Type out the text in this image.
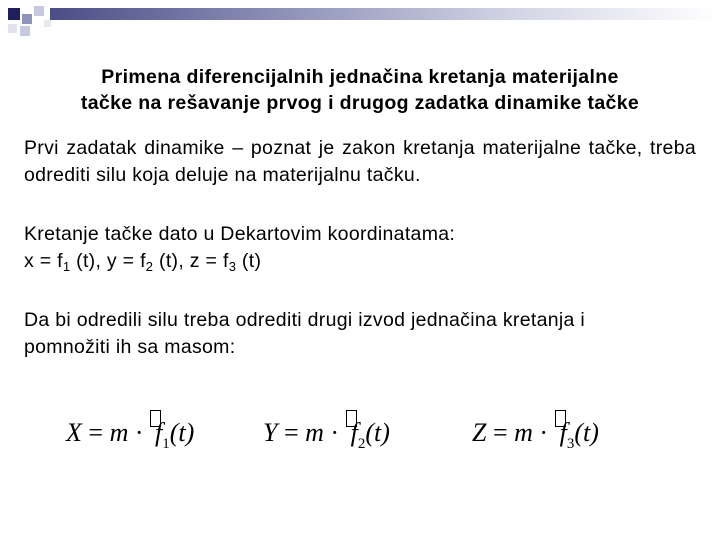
Primena diferencijalnih jednačina kretanja materijalne
tačke na rešavanje prvog i drugog zadatka dinamike tačke
Prvi zadatak dinamike – poznat je zakon kretanja materijalne tačke, treba odrediti silu koja deluje na materijalnu tačku.
Kretanje tačke dato u Dekartovim koordinatama:
$x = f_1$ (t), $y = f_2$ (t), $z = f_3$ (t)
Da bi odredili silu treba odrediti drugi izvod jednačina kretanja i
pomnožiti ih sa masom:
$X = m \cdot f_1(t)$	$Y = m \cdot f_2(t)$	$Z = m \cdot f_3(t)$
